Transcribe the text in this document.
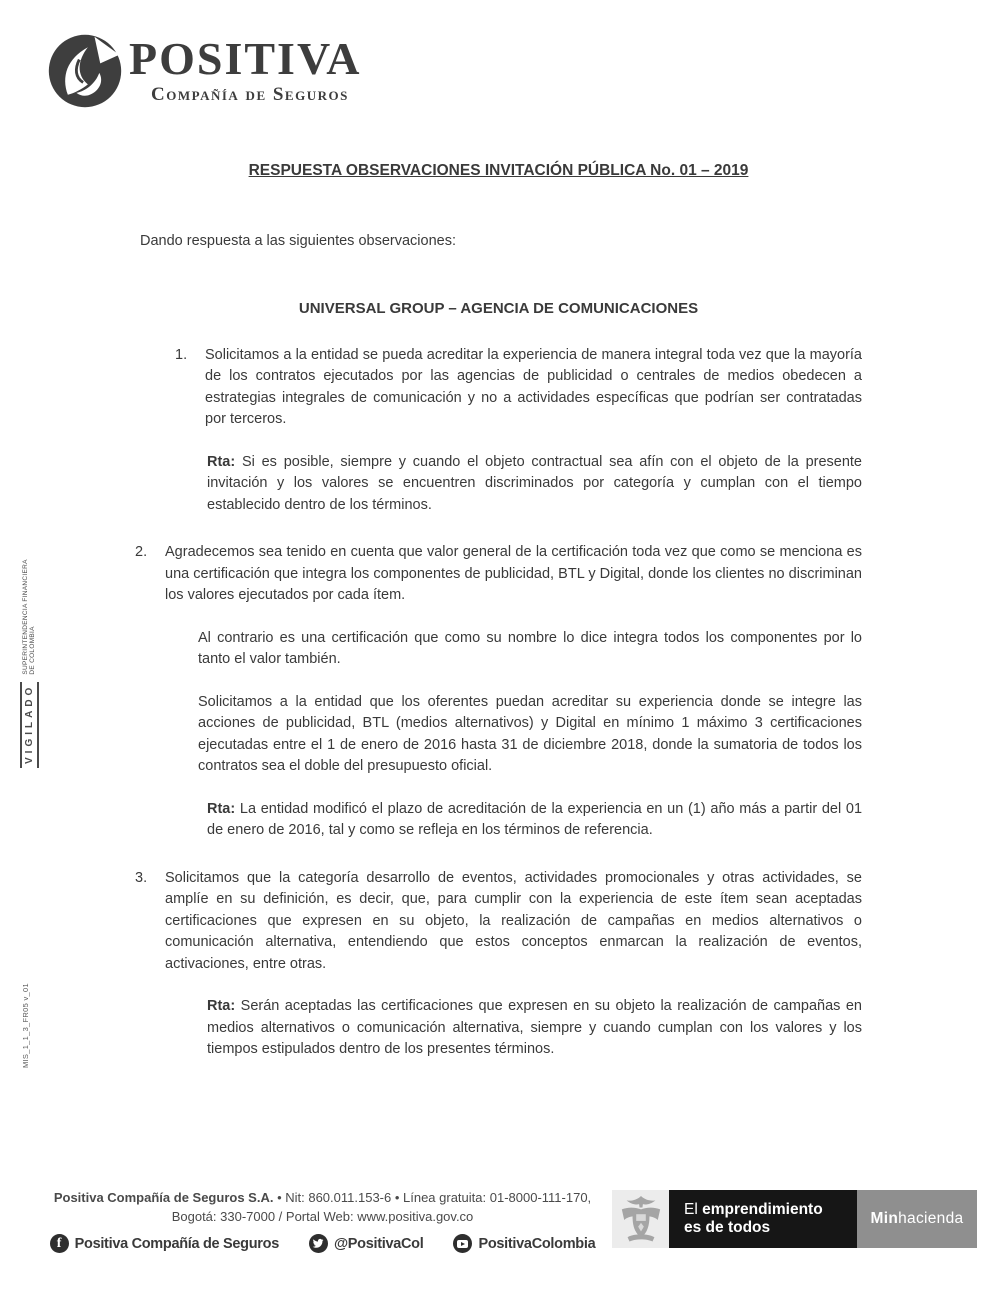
POSITIVA
Compañía de Seguros
VIGILADO
SUPERINTENDENCIA FINANCIERA
DE COLOMBIA
MIS_1_1_3_FR05 v_01
RESPUESTA OBSERVACIONES INVITACIÓN PÚBLICA No. 01 – 2019

Dando respuesta a las siguientes observaciones:

UNIVERSAL GROUP – AGENCIA DE COMUNICACIONES
1.	Solicitamos a la entidad se pueda acreditar la experiencia de manera integral toda vez que la mayoría de los contratos ejecutados por las agencias de publicidad o centrales de medios obedecen a estrategias integrales de comunicación y no a actividades específicas que podrían ser contratadas por terceros.

Rta: Si es posible, siempre y cuando el objeto contractual sea afín con el objeto de la presente invitación y los valores se encuentren discriminados por categoría y cumplan con el tiempo establecido dentro de los términos.

2.	Agradecemos sea tenido en cuenta que valor general de la certificación toda vez que como se menciona es una certificación que integra los componentes de publicidad, BTL y Digital, donde los clientes no discriminan los valores ejecutados por cada ítem.

Al contrario es una certificación que como su nombre lo dice integra todos los componentes por lo tanto el valor también.

Solicitamos a la entidad que los oferentes puedan acreditar su experiencia donde se integre las acciones de publicidad, BTL (medios alternativos) y Digital en mínimo 1 máximo 3 certificaciones ejecutadas entre el 1 de enero de 2016 hasta 31 de diciembre 2018, donde la sumatoria de todos los contratos sea el doble del presupuesto oficial.

Rta: La entidad modificó el plazo de acreditación de la experiencia en un (1) año más a partir del 01 de enero de 2016, tal y como se refleja en los términos de referencia.

3.	Solicitamos que la categoría desarrollo de eventos, actividades promocionales y otras actividades, se amplíe en su definición, es decir, que, para cumplir con la experiencia de este ítem sean aceptadas certificaciones que expresen en su objeto, la realización de campañas en medios alternativos o comunicación alternativa, entendiendo que estos conceptos enmarcan la realización de eventos, activaciones, entre otras.

Rta: Serán aceptadas las certificaciones que expresen en su objeto la realización de campañas en medios alternativos o comunicación alternativa, siempre y cuando cumplan con los valores y los tiempos estipulados dentro de los presentes términos.

Positiva Compañía de Seguros S.A. • Nit: 860.011.153-6 • Línea gratuita: 01-8000-111-170,
Bogotá: 330-7000 / Portal Web: www.positiva.gov.co
f Positiva Compañía de Seguros	@PositivaCol	PositivaColombia
El emprendimiento
es de todos
Min hacienda
